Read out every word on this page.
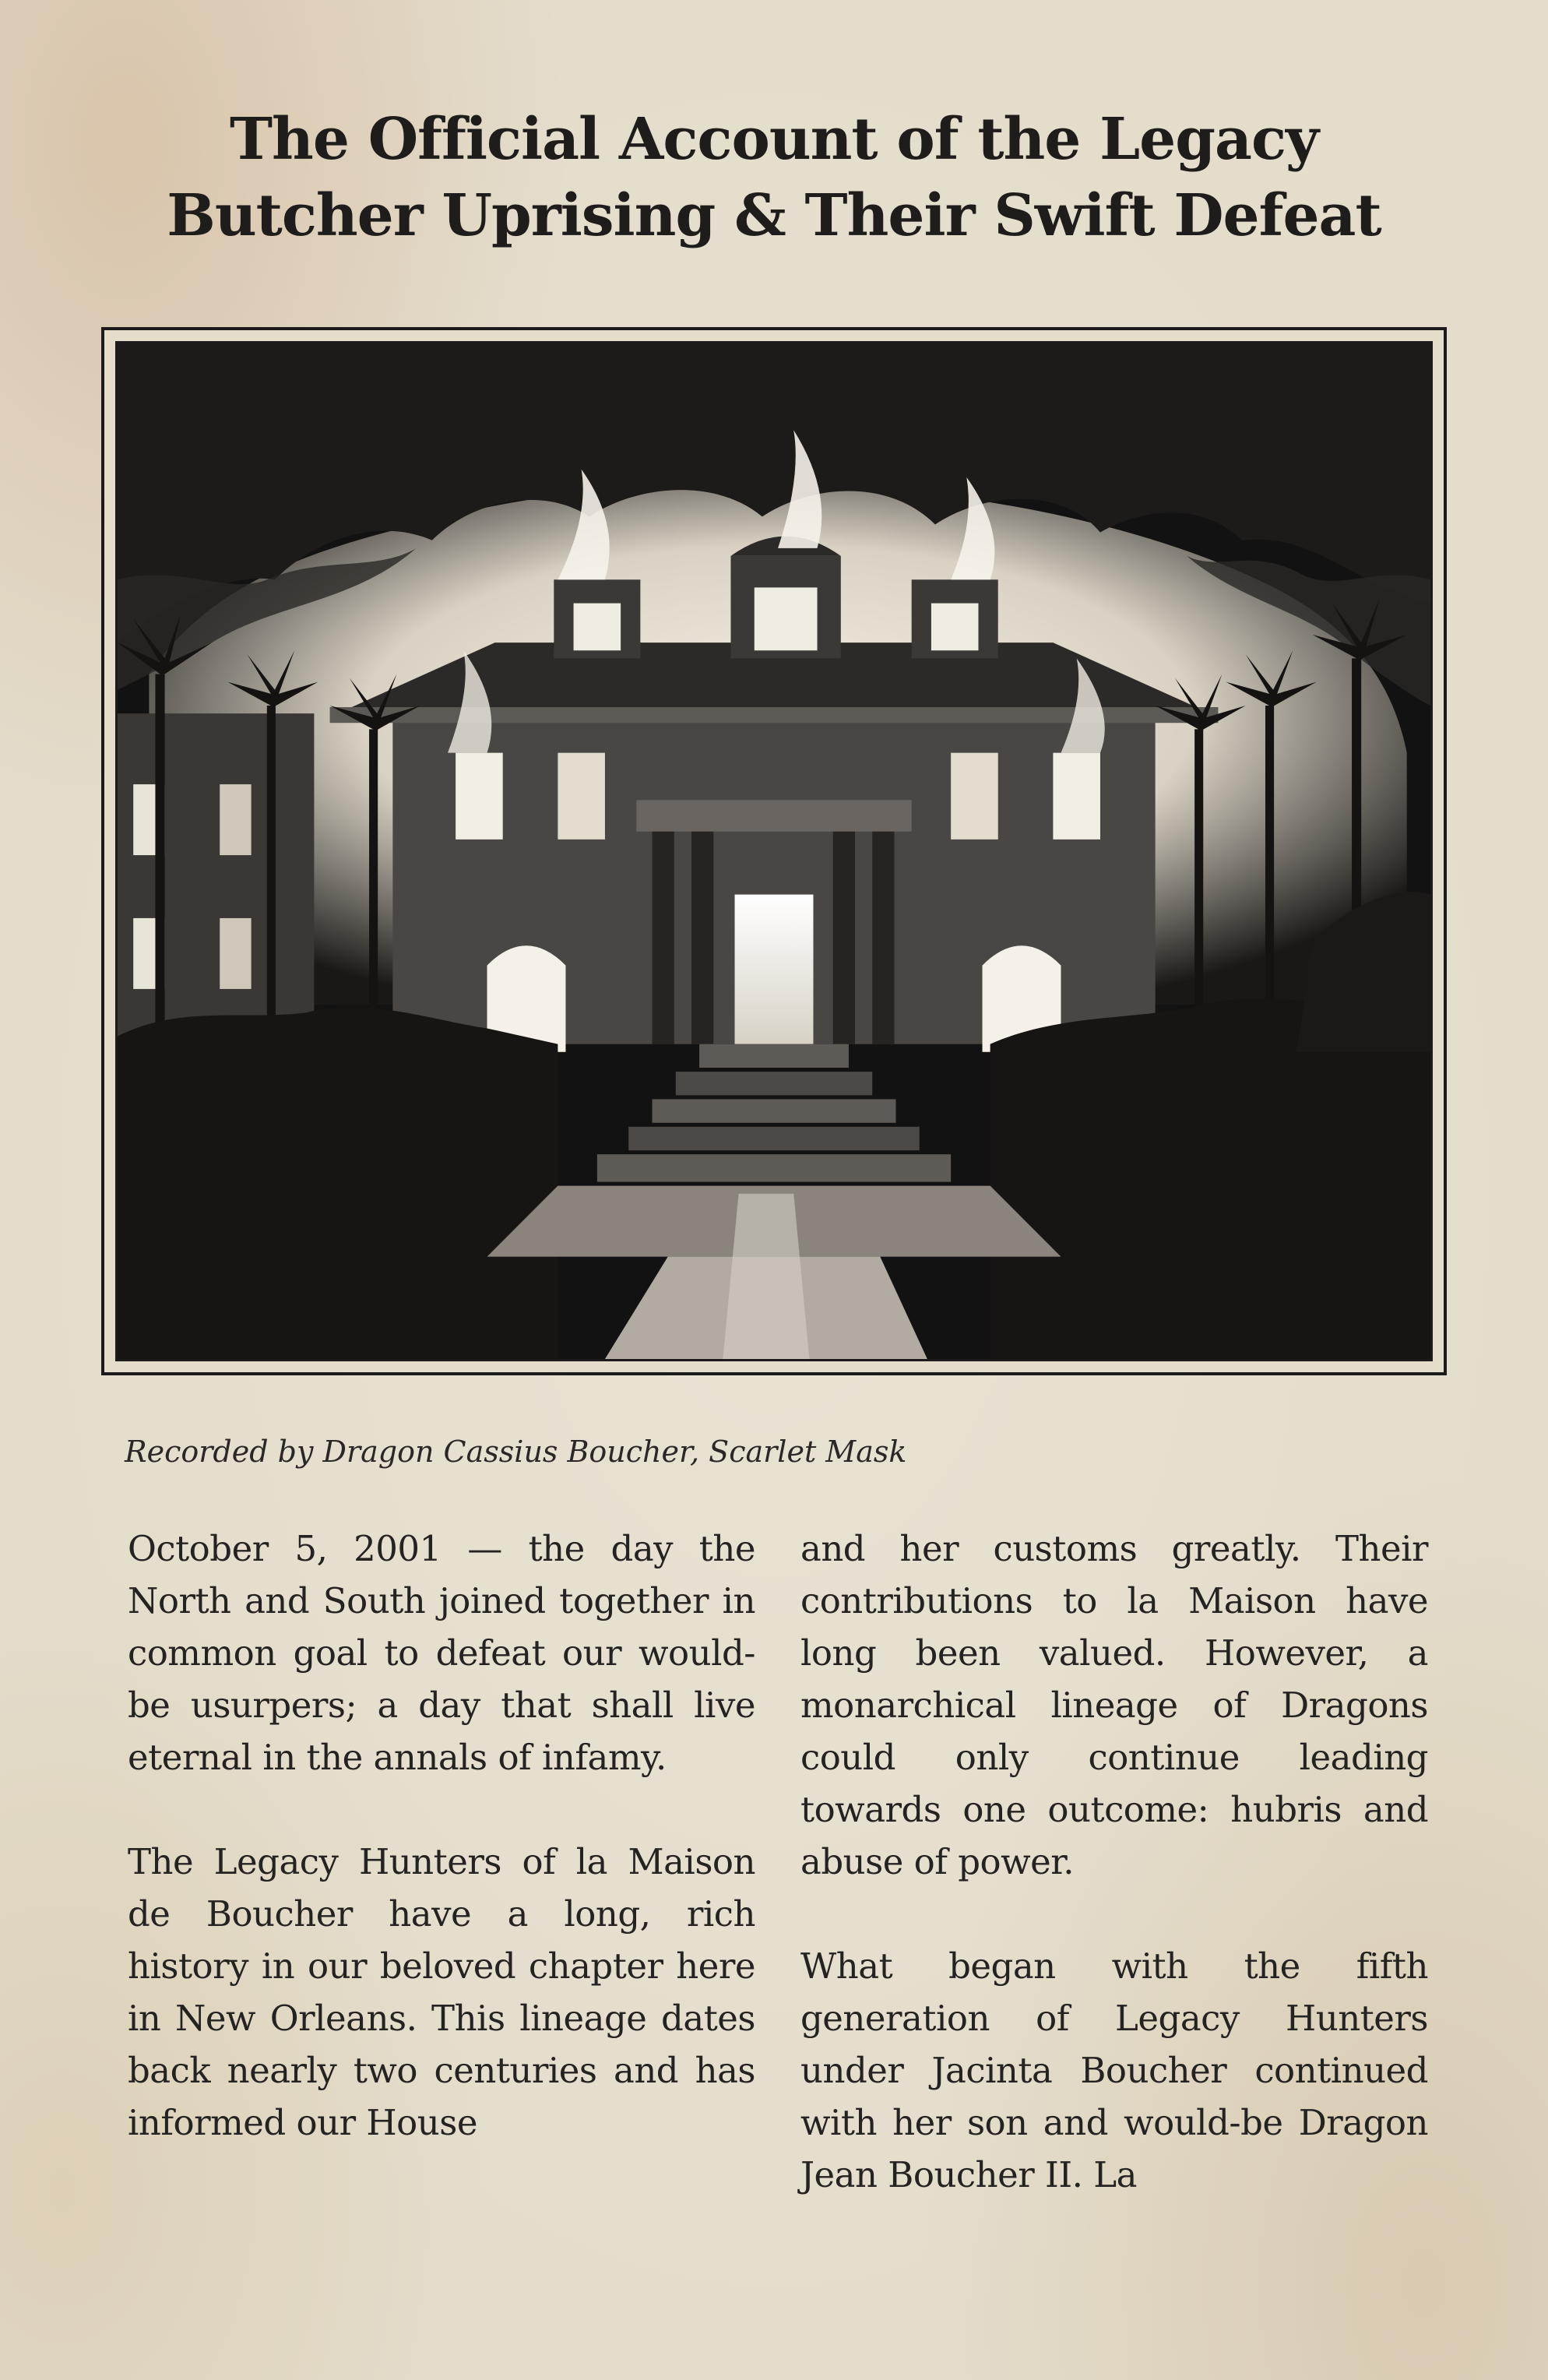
The Official Account of the Legacy
Butcher Uprising & Their Swift Defeat

Recorded by Dragon Cassius Boucher, Scarlet Mask

October 5, 2001 — the day the North and South joined together in common goal to defeat our would-be usurpers; a day that shall live eternal in the annals of infamy.

The Legacy Hunters of la Maison de Boucher have a long, rich history in our beloved chapter here in New Orleans. This lineage dates back nearly two centuries and has informed our House

and her customs greatly. Their contributions to la Maison have long been valued. However, a monarchical lineage of Dragons could only continue leading towards one outcome: hubris and abuse of power.

What began with the fifth generation of Legacy Hunters under Jacinta Boucher continued with her son and would-be Dragon Jean Boucher II. La
